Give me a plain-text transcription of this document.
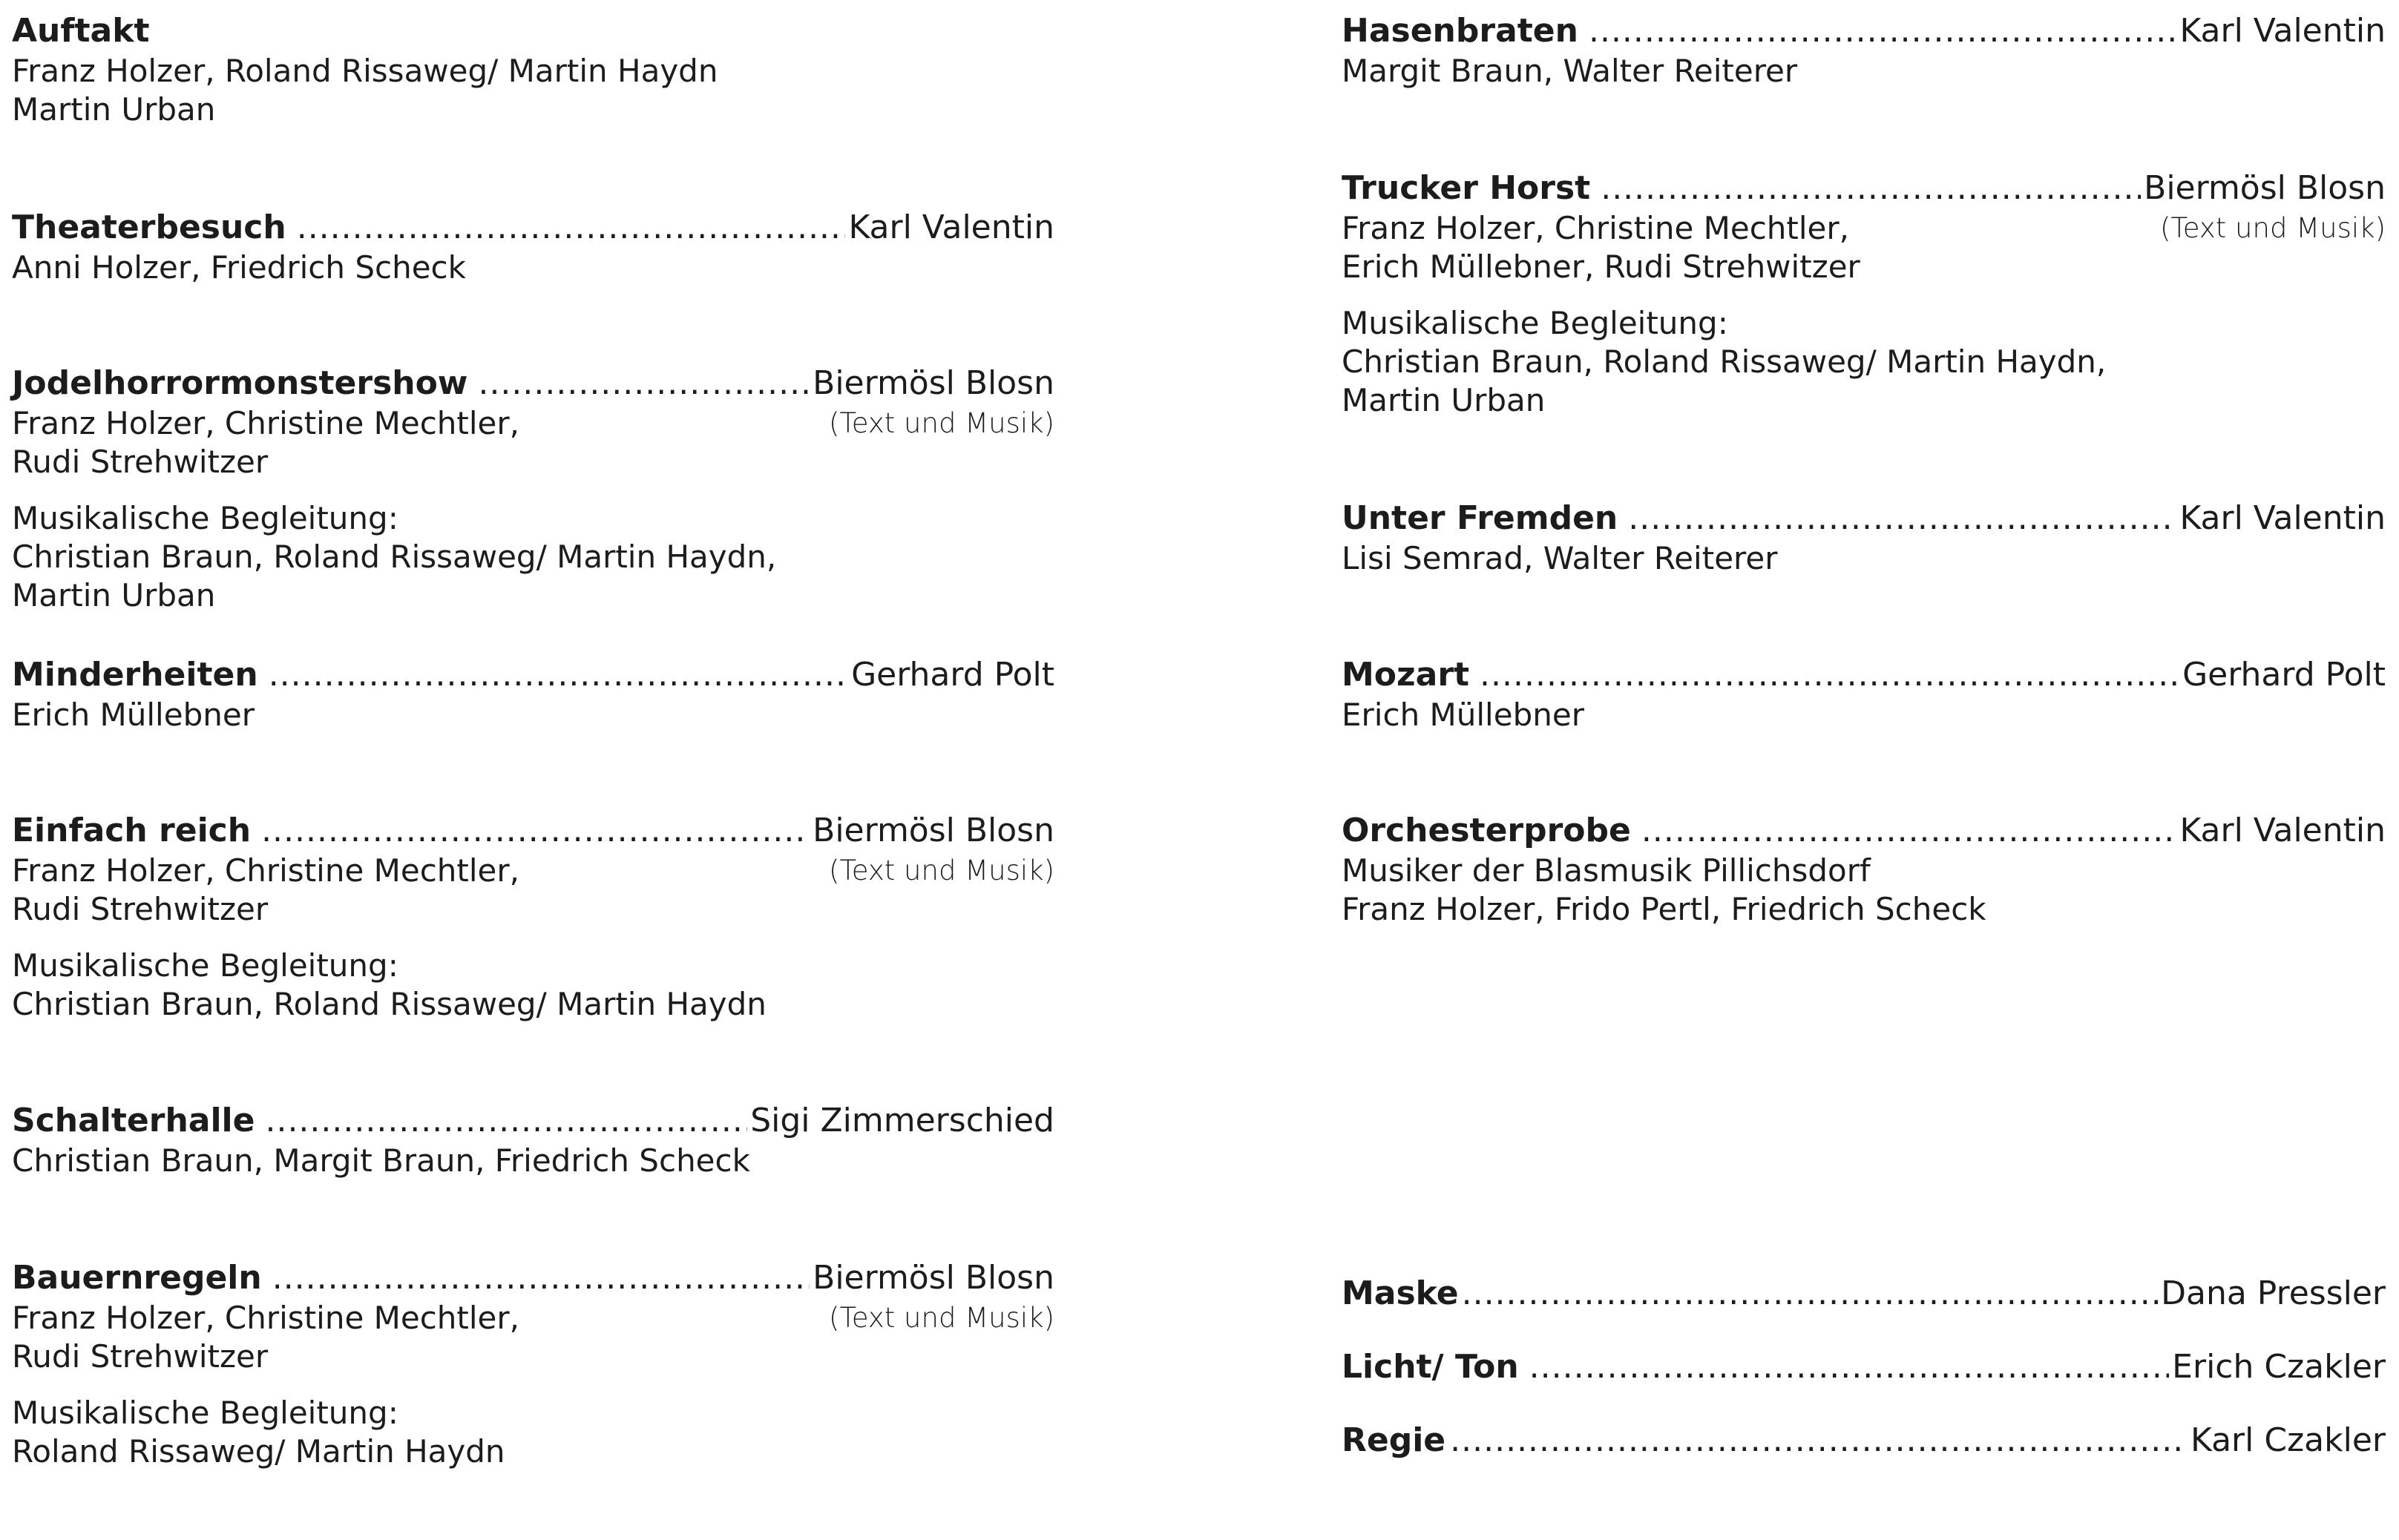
Auftakt
Franz Holzer, Roland Rissaweg/ Martin Haydn
Martin Urban
Theaterbesuch .....	Karl Valentin
Anni Holzer, Friedrich Scheck
Jodelhorrormonstershow .....	Biermösl Blosn
Franz Holzer, Christine Mechtler,	(Text und Musik)
Rudi Strehwitzer
Musikalische Begleitung:
Christian Braun, Roland Rissaweg/ Martin Haydn,
Martin Urban
Minderheiten .....	Gerhard Polt
Erich Müllebner
Einfach reich .....	Biermösl Blosn
Franz Holzer, Christine Mechtler,	(Text und Musik)
Rudi Strehwitzer
Musikalische Begleitung:
Christian Braun, Roland Rissaweg/ Martin Haydn
Schalterhalle .....	Sigi Zimmerschied
Christian Braun, Margit Braun, Friedrich Scheck
Bauernregeln .....	Biermösl Blosn
Franz Holzer, Christine Mechtler,	(Text und Musik)
Rudi Strehwitzer
Musikalische Begleitung:
Roland Rissaweg/ Martin Haydn
Hasenbraten .....	Karl Valentin
Margit Braun, Walter Reiterer
Trucker Horst .....	Biermösl Blosn
Franz Holzer, Christine Mechtler,	(Text und Musik)
Erich Müllebner, Rudi Strehwitzer
Musikalische Begleitung:
Christian Braun, Roland Rissaweg/ Martin Haydn,
Martin Urban
Unter Fremden .....	Karl Valentin
Lisi Semrad, Walter Reiterer
Mozart .....	Gerhard Polt
Erich Müllebner
Orchesterprobe .....	Karl Valentin
Musiker der Blasmusik Pillichsdorf
Franz Holzer, Frido Pertl, Friedrich Scheck
Maske .....	Dana Pressler
Licht/ Ton .....	Erich Czakler
Regie .....	Karl Czakler
